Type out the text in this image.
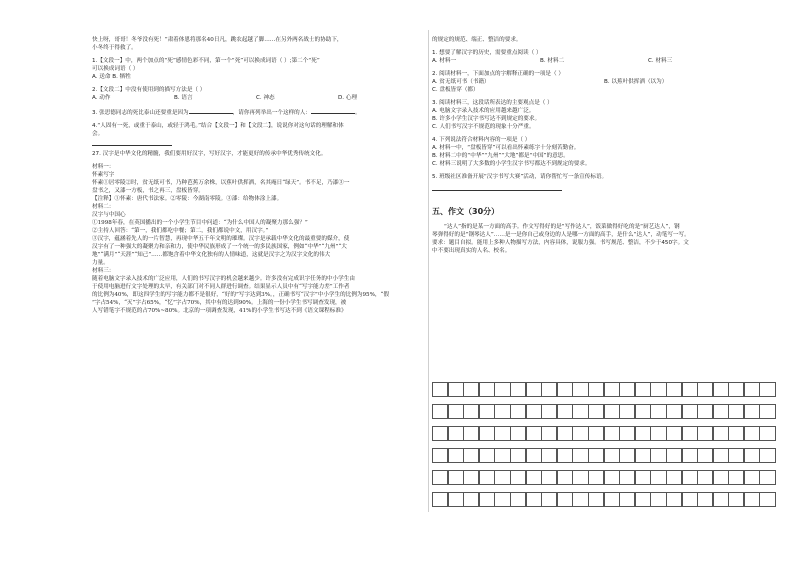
快上呀，哥哥！冬爷没有死！”肃着体恩将那名40日凡，跳农起越了脚……在另外两名战士的协助下，
小冬终于得救了。
1.【文段一】中，两个加点的“死”感情色彩不同，第一个“死”可以换成词语（ ）;第二个“死”
可以换成词语（ ）
A. 送命 B. 牺牲
2.【文段二】中没有使用到的描写方法是（ ）
A. 动作	B. 语言	C. 神态	D. 心理
3. 张思德同志的死比泰山还要重是因为	，请你再列举出一个这样的人：	。
4.“人固有一死，或重于泰山，或轻于鸿毛。”结合【文段一】和【文段二】，说说你对这句话的理解和体
会。
27. 汉字是中华文化的精髓，我们要用好汉字，写好汉字，才能更好的传承中华优秀传统文化。
材料一：
怀素写字
怀素①居零陵②时，贫无纸可书，乃种芭蕉万余株，以蕉叶供挥洒，名其庵日“绿天”。书不足，乃漆③一
盘书之，又漆一方板，书之再三，盘板皆穿。
【注释】①怀素：唐代书法家。②零陵：今湖南零陵。③漆：给物体涂上漆。
材料二：
汉字与中国心
①1998年春，在英国播出的一个小学生节目中问道：“为什么中国人的凝聚力那么强？”
②主持人回答：“第一，我们都吃中餐；第二，我们都说中文，用汉字。”
③汉字，蕴涵着先人的一片智慧，再现中华五千年文明的璀璨。汉字是承载中华文化的最重要的媒介，使
汉字有了一种强大的凝聚力和亲和力，使中华民族形成了一个统一的多民族国家，例如“中华”“九州”“大
地”“满月”“天涯”“知己”……都饱含着中华文化独有的人情味道，这就是汉字之为汉字文化的伟大
力量。
材料三：
随着电脑文字录入技术的广泛应用，人们的书写汉字的机会越来越少。许多没有完成识字任务的中小学生由
于使用电脑进行文字处理的太早，有关部门对不同人群进行调查。结果显示人员中有“写字能力差”工作者
的比例为40%，即这四学生的写字能力都不是很好，“好的”写字达到3%。，正确书写“汉字”中小学生的比例为95%，“假
”字占54%，“灭”字占65%，“忆”字占70%，其中有的达到90%。上海的一份小学生书写调查发现，被
人写错笔字不规范的占70%~80%。北京的一项调查发现，41%的小学生书写达不到《语文课程标准》
的规定的规范、端正、整洁的要求。
1. 想要了解汉字的历史，需要重点阅读（ ）
A. 材料一	B. 材料二	C. 材料三
2. 阅读材料一，下面加点的字解释正确的一项是（ ）
A. 贫无纸可书（书籍）	B. 以蕉叶供挥洒（以为）
C. 盘板皆穿（都）
3. 阅读材料三，这段话所表达的主要观点是（ ）
A. 电脑文字录入技术的应用越来越广泛。
B. 许多小学生汉字书写达不到规定的要求。
C. 人们书写汉字不规范的现象十分严重。
4. 下列说法符合材料内容的一项是（ ）
A. 材料一中，“盘板皆穿”可以看出怀素练字十分刻苦勤奋。
B. 材料二中的“中华”“九州”“大地”都是“中国”的意思。
C. 材料三说明了大多数的小学生汉字书写都达不到规定的要求。
5. 班级社区准备开展“汉字书写大赛”活动，请你帮忙写一条宣传标语。
五、作文（30分）
“达人”指的是某一方面的高手。作文写得好的是“写作达人”，饭菜做得好吃的是“厨艺达人”，钢
琴弹得好的是“钢琴达人”……是一是你自己或身边的人是哪一方面的高手，是什么“达人”，动笔写一写。
要求：题目自拟。能用上多种人物描写方法，内容具体，说服力强。书写规范、整洁，不少于450字。文
中不要出现真实的人名、校名。
